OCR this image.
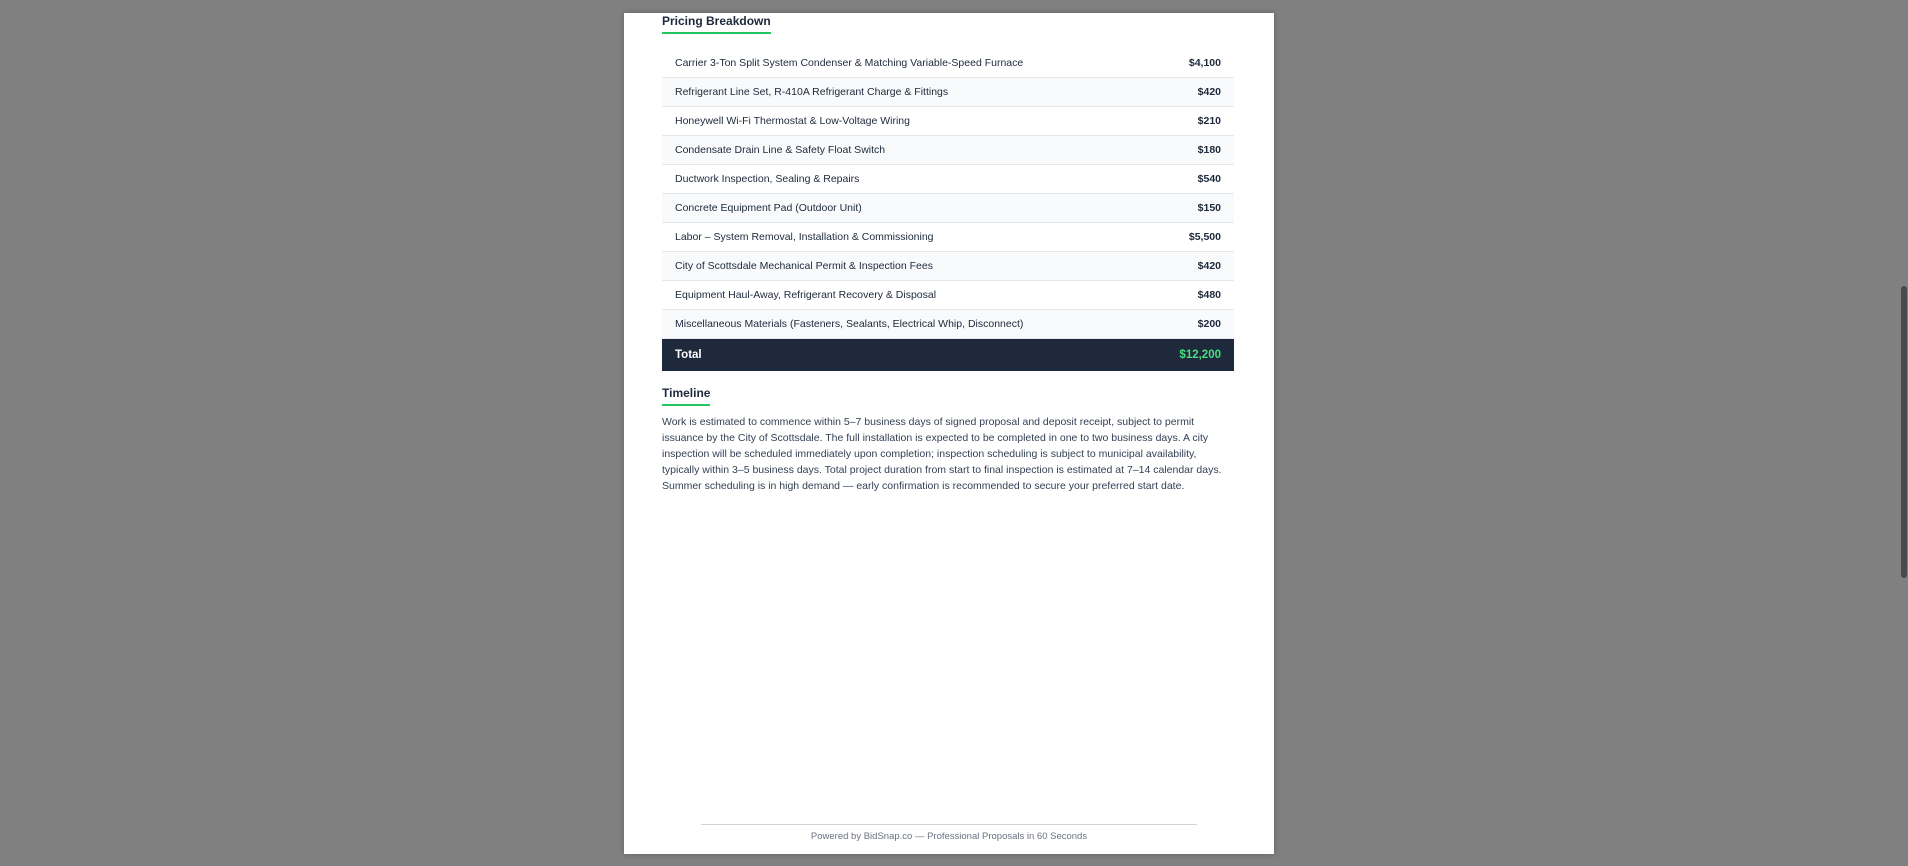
Pricing Breakdown
Carrier 3-Ton Split System Condenser & Matching Variable-Speed Furnace	$4,100
Refrigerant Line Set, R-410A Refrigerant Charge & Fittings	$420
Honeywell Wi-Fi Thermostat & Low-Voltage Wiring	$210
Condensate Drain Line & Safety Float Switch	$180
Ductwork Inspection, Sealing & Repairs	$540
Concrete Equipment Pad (Outdoor Unit)	$150
Labor – System Removal, Installation & Commissioning	$5,500
City of Scottsdale Mechanical Permit & Inspection Fees	$420
Equipment Haul-Away, Refrigerant Recovery & Disposal	$480
Miscellaneous Materials (Fasteners, Sealants, Electrical Whip, Disconnect)	$200
Total	$12,200
Timeline

Work is estimated to commence within 5–7 business days of signed proposal and deposit receipt, subject to permit issuance by the City of Scottsdale. The full installation is expected to be completed in one to two business days. A city inspection will be scheduled immediately upon completion; inspection scheduling is subject to municipal availability, typically within 3–5 business days. Total project duration from start to final inspection is estimated at 7–14 calendar days. Summer scheduling is in high demand — early confirmation is recommended to secure your preferred start date.

Powered by BidSnap.co — Professional Proposals in 60 Seconds
